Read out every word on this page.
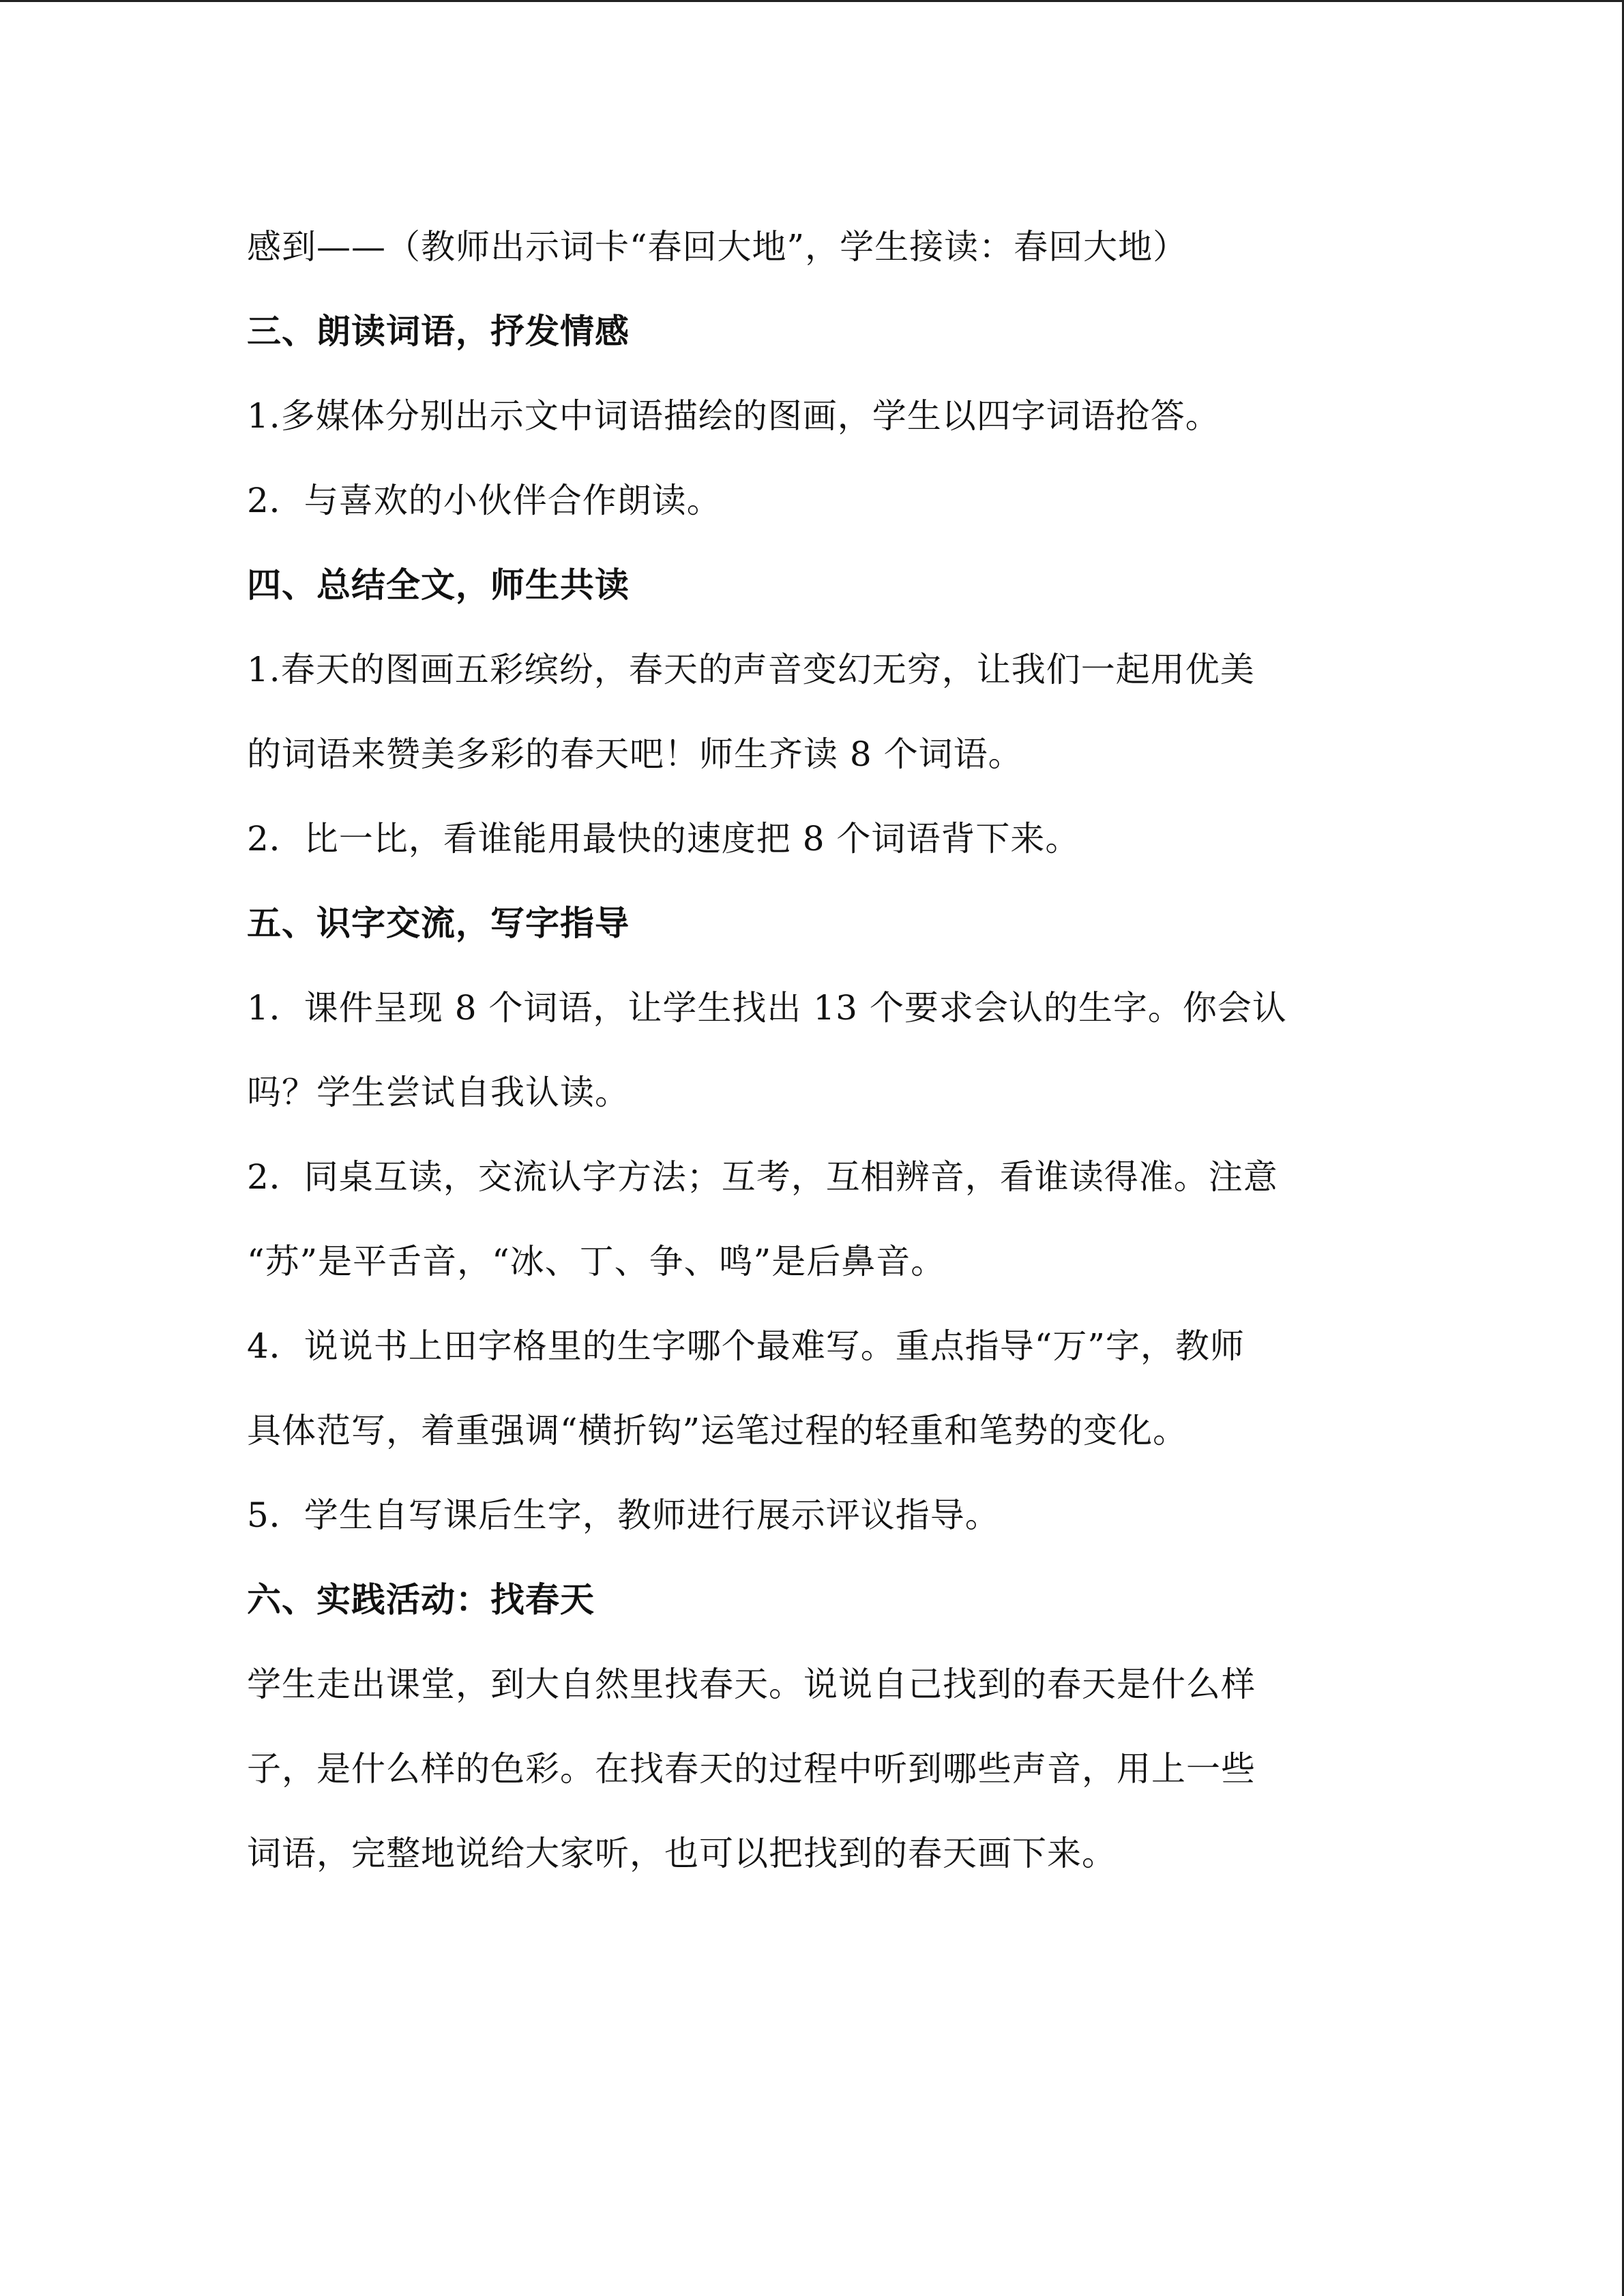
感到——（教师出示词卡“春回大地”，学生接读：春回大地）
三、朗读词语，抒发情感
1.多媒体分别出示文中词语描绘的图画，学生以四字词语抢答。
2．与喜欢的小伙伴合作朗读。
四、总结全文，师生共读
1.春天的图画五彩缤纷，春天的声音变幻无穷，让我们一起用优美
的词语来赞美多彩的春天吧！师生齐读 8 个词语。
2．比一比，看谁能用最快的速度把 8 个词语背下来。
五、识字交流，写字指导
1．课件呈现 8 个词语，让学生找出 13 个要求会认的生字。你会认
吗？学生尝试自我认读。
2．同桌互读，交流认字方法；互考，互相辨音，看谁读得准。注意
“苏”是平舌音，“冰、丁、争、鸣”是后鼻音。
4．说说书上田字格里的生字哪个最难写。重点指导“万”字，教师
具体范写，着重强调“横折钩”运笔过程的轻重和笔势的变化。
5．学生自写课后生字，教师进行展示评议指导。
六、实践活动：找春天
学生走出课堂，到大自然里找春天。说说自己找到的春天是什么样
子，是什么样的色彩。在找春天的过程中听到哪些声音，用上一些
词语，完整地说给大家听，也可以把找到的春天画下来。
